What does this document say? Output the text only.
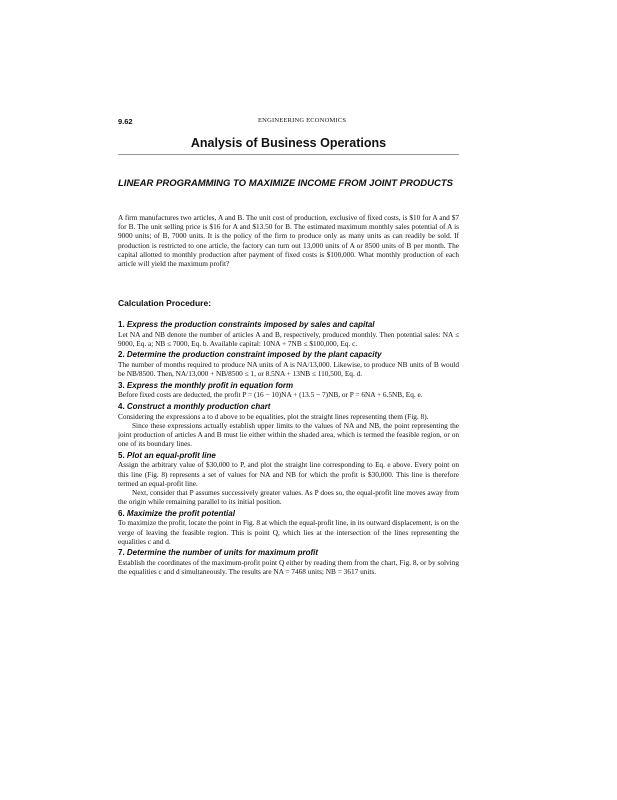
9.62	ENGINEERING ECONOMICS
Analysis of Business Operations
LINEAR PROGRAMMING TO MAXIMIZE INCOME FROM JOINT PRODUCTS
A firm manufactures two articles, A and B. The unit cost of production, exclusive of fixed costs, is $10 for A and $7 for B. The unit selling price is $16 for A and $13.50 for B. The estimated maximum monthly sales potential of A is 9000 units; of B, 7000 units. It is the policy of the firm to produce only as many units as can readily be sold. If production is restricted to one article, the factory can turn out 13,000 units of A or 8500 units of B per month. The capital allotted to monthly production after payment of fixed costs is $100,000. What monthly production of each article will yield the maximum profit?
Calculation Procedure:
1. Express the production constraints imposed by sales and capital

Let NA and NB denote the number of articles A and B, respectively, produced monthly. Then potential sales: NA ≤ 9000, Eq. a; NB ≤ 7000, Eq. b. Available capital: 10NA + 7NB ≤ $100,000, Eq. c.

2. Determine the production constraint imposed by the plant capacity

The number of months required to produce NA units of A is NA/13,000. Likewise, to produce NB units of B would be NB/8500. Then, NA/13,000 + NB/8500 ≤ 1, or 8.5NA + 13NB ≤ 110,500, Eq. d.

3. Express the monthly profit in equation form

Before fixed costs are deducted, the profit P = (16 − 10)NA + (13.5 − 7)NB, or P = 6NA + 6.5NB, Eq. e.

4. Construct a monthly production chart

Considering the expressions a to d above to be equalities, plot the straight lines representing them (Fig. 8).

Since these expressions actually establish upper limits to the values of NA and NB, the point representing the joint production of articles A and B must lie either within the shaded area, which is termed the feasible region, or on one of its boundary lines.

5. Plot an equal-profit line

Assign the arbitrary value of $30,000 to P, and plot the straight line corresponding to Eq. e above. Every point on this line (Fig. 8) represents a set of values for NA and NB for which the profit is $30,000. This line is therefore termed an equal-profit line.

Next, consider that P assumes successively greater values. As P does so, the equal-profit line moves away from the origin while remaining parallel to its initial position.

6. Maximize the profit potential

To maximize the profit, locate the point in Fig. 8 at which the equal-profit line, in its outward displacement, is on the verge of leaving the feasible region. This is point Q, which lies at the intersection of the lines representing the equalities c and d.

7. Determine the number of units for maximum profit

Establish the coordinates of the maximum-profit point Q either by reading them from the chart, Fig. 8, or by solving the equalities c and d simultaneously. The results are NA = 7468 units; NB = 3617 units.
